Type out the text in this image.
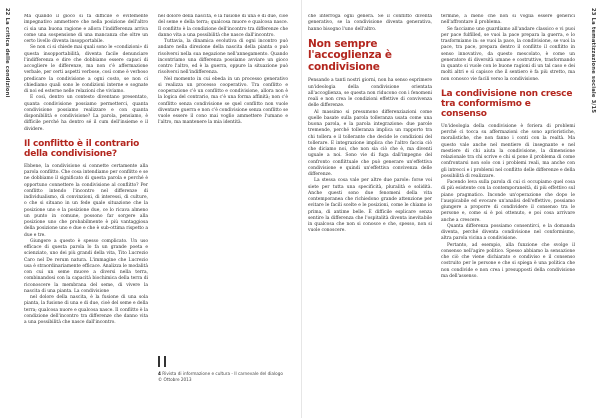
22 La critica delle condizioni	23 La tematizzazione sociale 3/15

Ma quando il gioco si fa difficile e evitemente impegnativo ammettere che nella posizione dell'altro ci sia una buona ragione e allora l'indifferenza arriva come una sospensione di una mancanza che oltre un certo livello diventa insopportabile.

Se non ci si chiede mai quali sono le «condizioni» di questa insopportabilità, diventa facile denunciare l'indifferenza e dire che dobbiamo essere capaci di accogliere le differenze, ma non c'è affermazione verbale, per certi aspetti verbose, così come è verboso predicare la condivisione a ogni costo, se non ci chiediamo quali sono le condizioni interne e sognate di noi ed esterne nelle relazioni che viviamo.

E così, dentro un contesto diventano presentato, quanta condivisione possiamo permetterci, quanta condivisione possiamo realizzare e con quanta disponibilità e condivisione? La parola, pensiamo, è difficile perché ha dentro sé il cum dell'insieme e il dividere.

Il conflitto è il contrario della condivisione?

Ebbene, la condivisione si connette certamente alla parola conflitto. Che cosa intendiamo per conflitto e se ne dobbiamo il significato di questa parola e perché è opportuno connettere la condivisione al conflitto? Per conflitto intendo l'incontro nel differenze di individualismo, di convinzioni, di interessi, di culture, o che si situano in un fede quale situazione che la posizione uno e la posizione due, ce lo ricava almeno un punto in comune, possono far sorgere alla posizione uno che probabilmente è più vantaggiosa della posizione uno e due e che è sub-ottima rispetto a due e tre.

Giungere a questo è spesso complicato. Un uso efficace di questa parola lo fa un grande poeta e scienziato, uno dei più grandi della vita, Tito Lucrezio Caro nel De rerum natura. L'immagine che Lucrezio usa è straordinariamente efficace. Analizza le modalità con cui un seme muove a diversi nella terra, combinandosi con la capacità biochimica della terra di riconoscere la membrana del seme, di vivere la nascita di una pianta. La condivisione

nel dolore della nascita, è la fusione di una sola pianta, la fusione di una e di due, cioè del seme e della terra; qualcosa nuore e qualcosa nasce. Il conflitto è la condizione dell'incontro tra differenze che danno vita a una possibilità che nasce dall'incontro.

nel dolore della nascita, è la fusione di una e di due, cioè del seme e della terra; qualcosa muore e qualcosa nasce. Il conflitto è la condizione dell'incontro tra differenze che danno vita a una possibilità che nasce dall'incontro.

Tuttavia, la dinamica evolutiva di ogni incontro può andare nella direzione della nascita della pianta o può risolversi nella sua negazione nell'annegamento. Quando incontriamo una differenza possiamo avviare un gioco contro l'altro, ed è la guerra, oppure la situazione può risolversi nell'indifferenza.

Nel momento in cui ebeda in un processo generativo si realizza un processo cooperativo. Tra conflitto e cooperazione c'è un conflitto e condivisione, allora non è la logica del contrario, ma c'è una forma affinità; non c'è conflitto senza condivisione se quel conflitto non vuole diventare guerra e non c'è condivisione senza conflitto se vuole essere il cono mai voglio ammettere l'umano e l'altro, ma mantenere la mia identità.

4 Rivista di informazione e cultura - Il carnevale del dialogo
© Ottobre 2013

che interroga ogni genera. Se il conflitto diventa generativo, se la condivisione diventa generativa, hanno bisogno l'uno dell'altro.

Non sempre l'accoglienza è condivisione

Pensando a tanti nostri giorni, non ha senso esprimere un'ideologia della condivisione orientata all'accoglienza, se questa non riducono con i fenomeni reali e non crea le condizioni effettive di convivenza delle differenze.

Al massimo si presumono differenziazioni come quelle basate sulla parola tolleranza usata come una buona parola, e la parola integrazione: due parole tremende, perché tolleranza implica un rapporto tra chi tollera e il tollerante che decide le condizioni del tollerare. E integrazione implica che l'altro faccia ciò che diciamo noi, che non sia ciò che è, ma diventi uguale a noi. Sono vie di fuga dall'impegno del confronto conflittuale che può generare un'effettiva condivisione e quindi un'effettiva convivenza delle differenze.

La stessa cosa vale per altre due parole: forse voi siete per tutta una specificità, pluralità e solidità. Anche questi sono due fenomeni della vita contemporanea che richiedono grande attenzione per evitare le facili scelte e le posizioni, come le chiamo io prima, di antime belle. È difficile esplicare senza sentire la differenza che l'ospitalità diventa inevitabile in qualcosa che non si conosce e che, spesso, non si vuole conoscere.

termine, a meno che non si voglia essere generici nell'affrontare il problema.

Se facciamo uno guardiamo all'andare classico e vi puoi per pace fulfilled, se vuoi la pace prepara la guerra, e lo trasformiamo in: se vuoi la pace, la condivisione, se vuoi la pace, tra pace, prepara dentro il conflitto il conflitto in senso innovativo, da questo mescolato, è come un generatore di diversità umane e costruttive, trasformando in quanto si vuole con le buone ragioni di un tal caso e dei molti altri e sì capisce che il sentiero è fa più stretto, ma non conosco vie facili verso la condivisione.

La condivisione non cresce tra conformismo e consenso

Un'ideologia della condivisione è foriera di problemi perché ci tocca su affermazioni che sono aprioristiche, moralistiche, che non fanno i conti con la realtà. Ma questo vale anche nel mentiere di insegnante e nel mestiere di chi aiuta la condivisione, la dimensione relazionale tra chi scrive e chi si pone il problema di come confrontarsi non solo con i problemi reali, ma anche con gli intrecci e i problemi nel conflitto delle differenze e della possibilità di realizzare.

Facendo leva sulla parola di cui ci occupiamo quel cosa di più esistente con la contemporaneità, di più effettivo sul piano pragmatico. Inconde un'operazione che dopo le l'auspicabile ed evocare un'analisi dell'effettivo, possiamo giungere a proporre di condividere il consenso tra le persone e, come si è poi ottenuto, e poi cosa arrivare anche a crescere.

Quanta differenza possiamo consentirci, e la domanda diventa, perché diventa condivisione nel conformismo, altra parola vicina a condivisione.

Pertanto, ad esempio, alla funzione che svolge il consenso nell'agire politico. Spesso abbiamo la sensazione che ciò che viene dichiarato e condiviso e il consenso costruito per le persone e che si spiega è una politica che non condivide e non crea i presupposti della condivisione ma dell'assenso.
